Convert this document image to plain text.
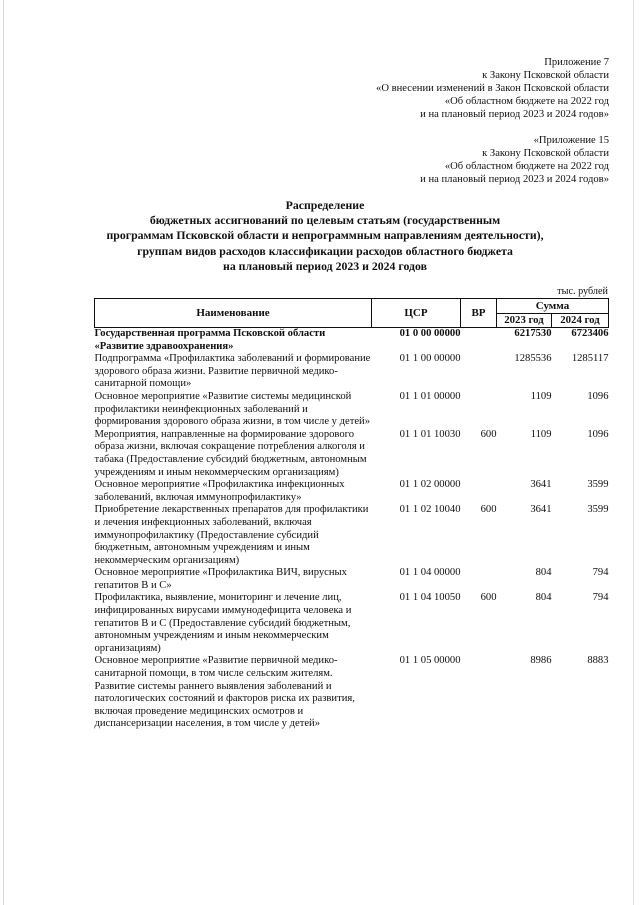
Приложение 7
к Закону Псковской области
«О внесении изменений в Закон Псковской области
«Об областном бюджете на 2022 год
и на плановый период 2023 и 2024 годов»
«Приложение 15
к Закону Псковской области
«Об областном бюджете на 2022 год
и на плановый период 2023 и 2024 годов»
Распределение
бюджетных ассигнований по целевым статьям (государственным
программам Псковской области и непрограммным направлениям деятельности),
группам видов расходов классификации расходов областного бюджета
на плановый период 2023 и 2024 годов
тыс. рублей
Наименование	ЦСР	ВР	Сумма	
			2023 год	2024 год
Государственная программа Псковской области «Развитие здравоохранения»	01 0 00 00000		6217530	6723406
Подпрограмма «Профилактика заболеваний и формирование здорового образа жизни. Развитие первичной медико-санитарной помощи»	01 1 00 00000		1285536	1285117
Основное мероприятие «Развитие системы медицинской профилактики неинфекционных заболеваний и формирования здорового образа жизни, в том числе у детей»	01 1 01 00000		1109	1096
Мероприятия, направленные на формирование здорового образа жизни, включая сокращение потребления алкоголя и табака (Предоставление субсидий бюджетным, автономным учреждениям и иным некоммерческим организациям)	01 1 01 10030	600	1109	1096
Основное мероприятие «Профилактика инфекционных заболеваний, включая иммунопрофилактику»	01 1 02 00000		3641	3599
Приобретение лекарственных препаратов для профилактики и лечения инфекционных заболеваний, включая иммунопрофилактику (Предоставление субсидий бюджетным, автономным учреждениям и иным некоммерческим организациям)	01 1 02 10040	600	3641	3599
Основное мероприятие «Профилактика ВИЧ, вирусных гепатитов В и С»	01 1 04 00000		804	794
Профилактика, выявление, мониторинг и лечение лиц, инфицированных вирусами иммунодефицита человека и гепатитов В и С (Предоставление субсидий бюджетным, автономным учреждениям и иным некоммерческим организациям)	01 1 04 10050	600	804	794
Основное мероприятие «Развитие первичной медико-санитарной помощи, в том числе сельским жителям. Развитие системы раннего выявления заболеваний и патологических состояний и факторов риска их развития, включая проведение медицинских осмотров и диспансеризации населения, в том числе у детей»	01 1 05 00000		8986	8883
